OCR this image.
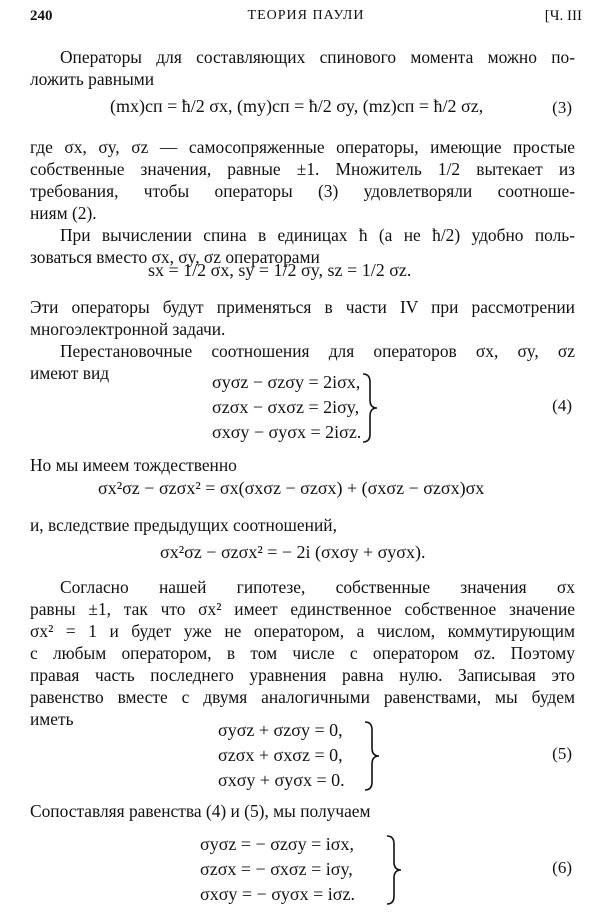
240	ТЕОРИЯ ПАУЛИ	[Ч. III
Операторы для составляющих спинового момента можно по-
ложить равными
(mx)сп = ħ/2 σx, (my)сп = ħ/2 σy, (mz)сп = ħ/2 σz,	(3)
где σx, σy, σz — самосопряженные операторы, имеющие простые
собственные значения, равные ±1. Множитель 1/2 вытекает из
требования, чтобы операторы (3) удовлетворяли соотноше-
ниям (2).
При вычислении спина в единицах ħ (а не ħ/2) удобно поль-
зоваться вместо σx, σy, σz операторами
sx = 1/2 σx, sy = 1/2 σy, sz = 1/2 σz.
Эти операторы будут применяться в части IV при рассмотрении
многоэлектронной задачи.
Перестановочные соотношения для операторов σx, σy, σz
имеют вид	σyσz − σzσy = 2iσx,
σzσx − σxσz = 2iσy,
σxσy − σyσx = 2iσz.
(4)
Но мы имеем тождественно
σx²σz − σzσx² = σx(σxσz − σzσx) + (σxσz − σzσx)σx
и, вследствие предыдущих соотношений,
σx²σz − σzσx² = − 2i (σxσy + σyσx).
Согласно нашей гипотезе, собственные значения σx
равны ±1, так что σx² имеет единственное собственное значение
σx² = 1 и будет уже не оператором, а числом, коммутирующим
с любым оператором, в том числе с оператором σz. Поэтому
правая часть последнего уравнения равна нулю. Записывая это
равенство вместе с двумя аналогичными равенствами, мы будем
иметь
σyσz + σzσy = 0,
σzσx + σxσz = 0,
σxσy + σyσx = 0.
(5)
Сопоставляя равенства (4) и (5), мы получаем
σyσz = − σzσy = iσx,
σzσx = − σxσz = iσy,
σxσy = − σyσx = iσz.
(6)
